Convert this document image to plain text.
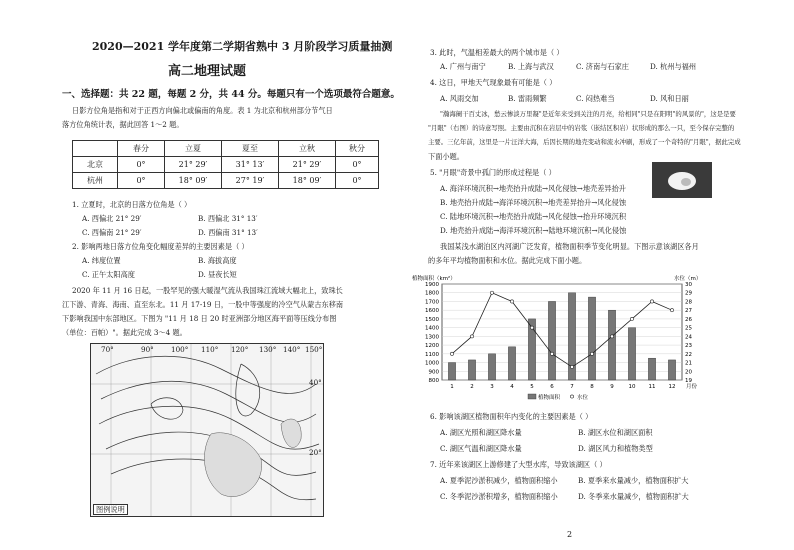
2020—2021 学年度第二学期省熟中 3 月阶段学习质量抽测
高二地理试题
一、选择题：共 22 题，每题 2 分，共 44 分。每题只有一个选项最符合题意。
日影方位角是指和对于正西方向偏北或偏南的角度。表 1 为北京和杭州部分节气日
落方位角统计表，据此回答 1～2 题。
	春分	立夏	夏至	立秋	秋分
北京	0°	21° 29′	31° 13′	21° 29′	0°
杭州	0°	18° 09′	27° 19′	18° 09′	0°
1. 立夏时，北京的日落方位角是（ ）
A. 西偏北 21° 29′	B. 西偏北 31° 13′
C. 西偏南 21° 29′	D. 西偏南 31° 13′
2. 影响两地日落方位角变化幅度差异的主要因素是（ ）
A. 纬度位置	B. 海拔高度
C. 正午太阳高度	D. 昼夜长短
2020 年 11 月 16 日起，一股罕见的强大暖湿气流从我国珠江流域大幅北上，致珠长
江下游、青海、海南、直至东北。11 月 17-19 日，一股中等强度的冷空气从蒙古东移南
下影响我国中东部地区。下图为 "11 月 18 日 20 时亚洲部分地区海平面等压线分布图
（单位：百帕）"。据此完成 3～4 题。
70°	90° 100° 110° 120° 130° 140° 150°
40°
20°
图例说明
3. 此时，气温相差最大的两个城市是（ ）
A. 广州与南宁	B. 上海与武汉	C. 济南与石家庄	D. 杭州与福州
4. 这日，甲地天气现象最有可能是（ ）
A. 风雨交加	B. 雷雨频繁	C. 闷热难当	D. 风和日丽
"瀚海阑干百丈冰，愁云惨淡万里凝"是近年来受到关注的月亮，给相同"只是在阳明"的风景的"，这是是要
"月眼"（右图）的诗意写照。主要由沉积在岩层中的岩浆（嵌结区积岩）状形成的那么一只，至今保存完整的
主要。三亿年前，这里是一片汪洋大海，后因长期的地壳变动和流水冲刷，形成了一个奇特的"月眼"，据此完成
下面小题。
5. "月眼"奇景中孤门的形成过程是（ ）
A. 海洋环境沉积→地壳抬升成陆→风化侵蚀→地壳差异抬升
B. 地壳抬升成陆→海洋环境沉积→地壳差异抬升→风化侵蚀
C. 陆地环境沉积→地壳抬升成陆→风化侵蚀→抬升环境沉积
D. 地壳抬升成陆→海洋环境沉积→陆地环境沉积→风化侵蚀
我国某浅水湖泊区内河湖广泛发育，植物面积季节变化明显。下图示意该湖区各月
的多年平均植物面积和水位。据此完成下面小题。
800
900
1000
1100
1200
1300
1400
1500
1600
1700
1800
1900
19
20
21
22
23
24
25
26
27
28
29
30
1	2	3	4	5	6	7	8	9	10 11 12
植物面积（km²）	水位（m）
月份
植物面积	水位
6. 影响该湖区植物面积年内变化的主要因素是（ ）
A. 湖区光照和湖区降水量	B. 湖区水位和湖区面积
C. 湖区气温和湖区降水量	D. 湖区风力和植物类型
7. 近年来该湖区上游修建了大型水库，导致该湖区（ ）
A. 夏季泥沙淤积减少，植物面积缩小	B. 夏季来水量减少，植物面积扩大
C. 冬季泥沙淤积增多，植物面积缩小	D. 冬季来水量减少，植物面积扩大
2
